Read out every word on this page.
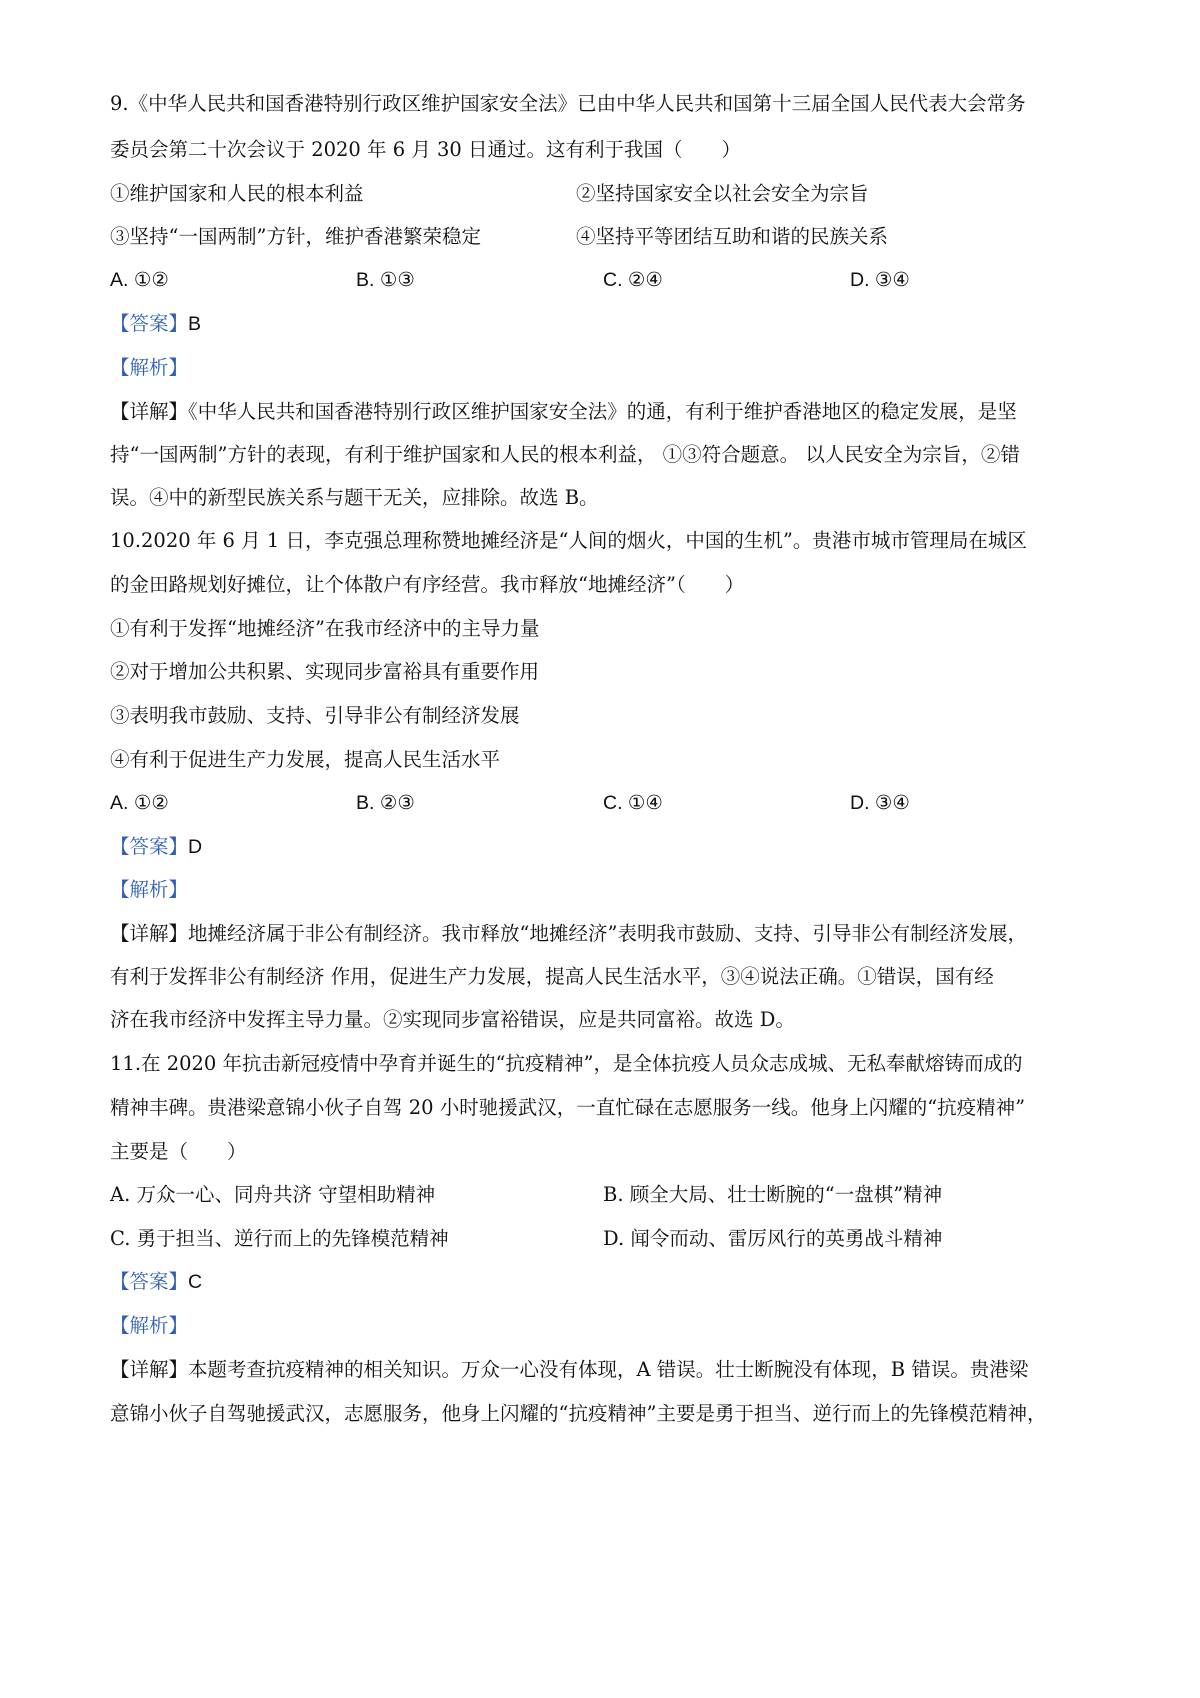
9.《中华人民共和国香港特别行政区维护国家安全法》已由中华人民共和国第十三届全国人民代表大会常务
委员会第二十次会议于 2020 年 6 月 30 日通过。这有利于我国（　　）
①维护国家和人民的根本利益	②坚持国家安全以社会安全为宗旨
③坚持“一国两制”方针，维护香港繁荣稳定	④坚持平等团结互助和谐的民族关系
A. ①②	B. ①③	C. ②④	D. ③④
【答案】B
【解析】
【详解】《中华人民共和国香港特别行政区维护国家安全法》的通，有利于维护香港地区的稳定发展，是坚
持“一国两制”方针的表现，有利于维护国家和人民的根本利益， ①③符合题意。 以人民安全为宗旨，②错
误。④中的新型民族关系与题干无关，应排除。故选 B。
10.2020 年 6 月 1 日，李克强总理称赞地摊经济是“人间的烟火，中国的生机”。贵港市城市管理局在城区
的金田路规划好摊位，让个体散户有序经营。我市释放“地摊经济”（　　）
①有利于发挥“地摊经济”在我市经济中的主导力量
②对于增加公共积累、实现同步富裕具有重要作用
③表明我市鼓励、支持、引导非公有制经济发展
④有利于促进生产力发展，提高人民生活水平
A. ①②	B. ②③	C. ①④	D. ③④
【答案】D
【解析】
【详解】地摊经济属于非公有制经济。我市释放“地摊经济”表明我市鼓励、支持、引导非公有制经济发展，
有利于发挥非公有制经济 作用，促进生产力发展，提高人民生活水平，③④说法正确。①错误，国有经
济在我市经济中发挥主导力量。②实现同步富裕错误，应是共同富裕。故选 D。
11.在 2020 年抗击新冠疫情中孕育并诞生的“抗疫精神”，是全体抗疫人员众志成城、无私奉献熔铸而成的
精神丰碑。贵港梁意锦小伙子自驾 20 小时驰援武汉，一直忙碌在志愿服务一线。他身上闪耀的“抗疫精神”
主要是（　　）
A. 万众一心、同舟共济 守望相助精神	B. 顾全大局、壮士断腕的“一盘棋”精神
C. 勇于担当、逆行而上的先锋模范精神	D. 闻令而动、雷厉风行的英勇战斗精神
【答案】C
【解析】
【详解】本题考查抗疫精神的相关知识。万众一心没有体现，A 错误。壮士断腕没有体现，B 错误。贵港梁
意锦小伙子自驾驰援武汉，志愿服务，他身上闪耀的“抗疫精神”主要是勇于担当、逆行而上的先锋模范精神，
